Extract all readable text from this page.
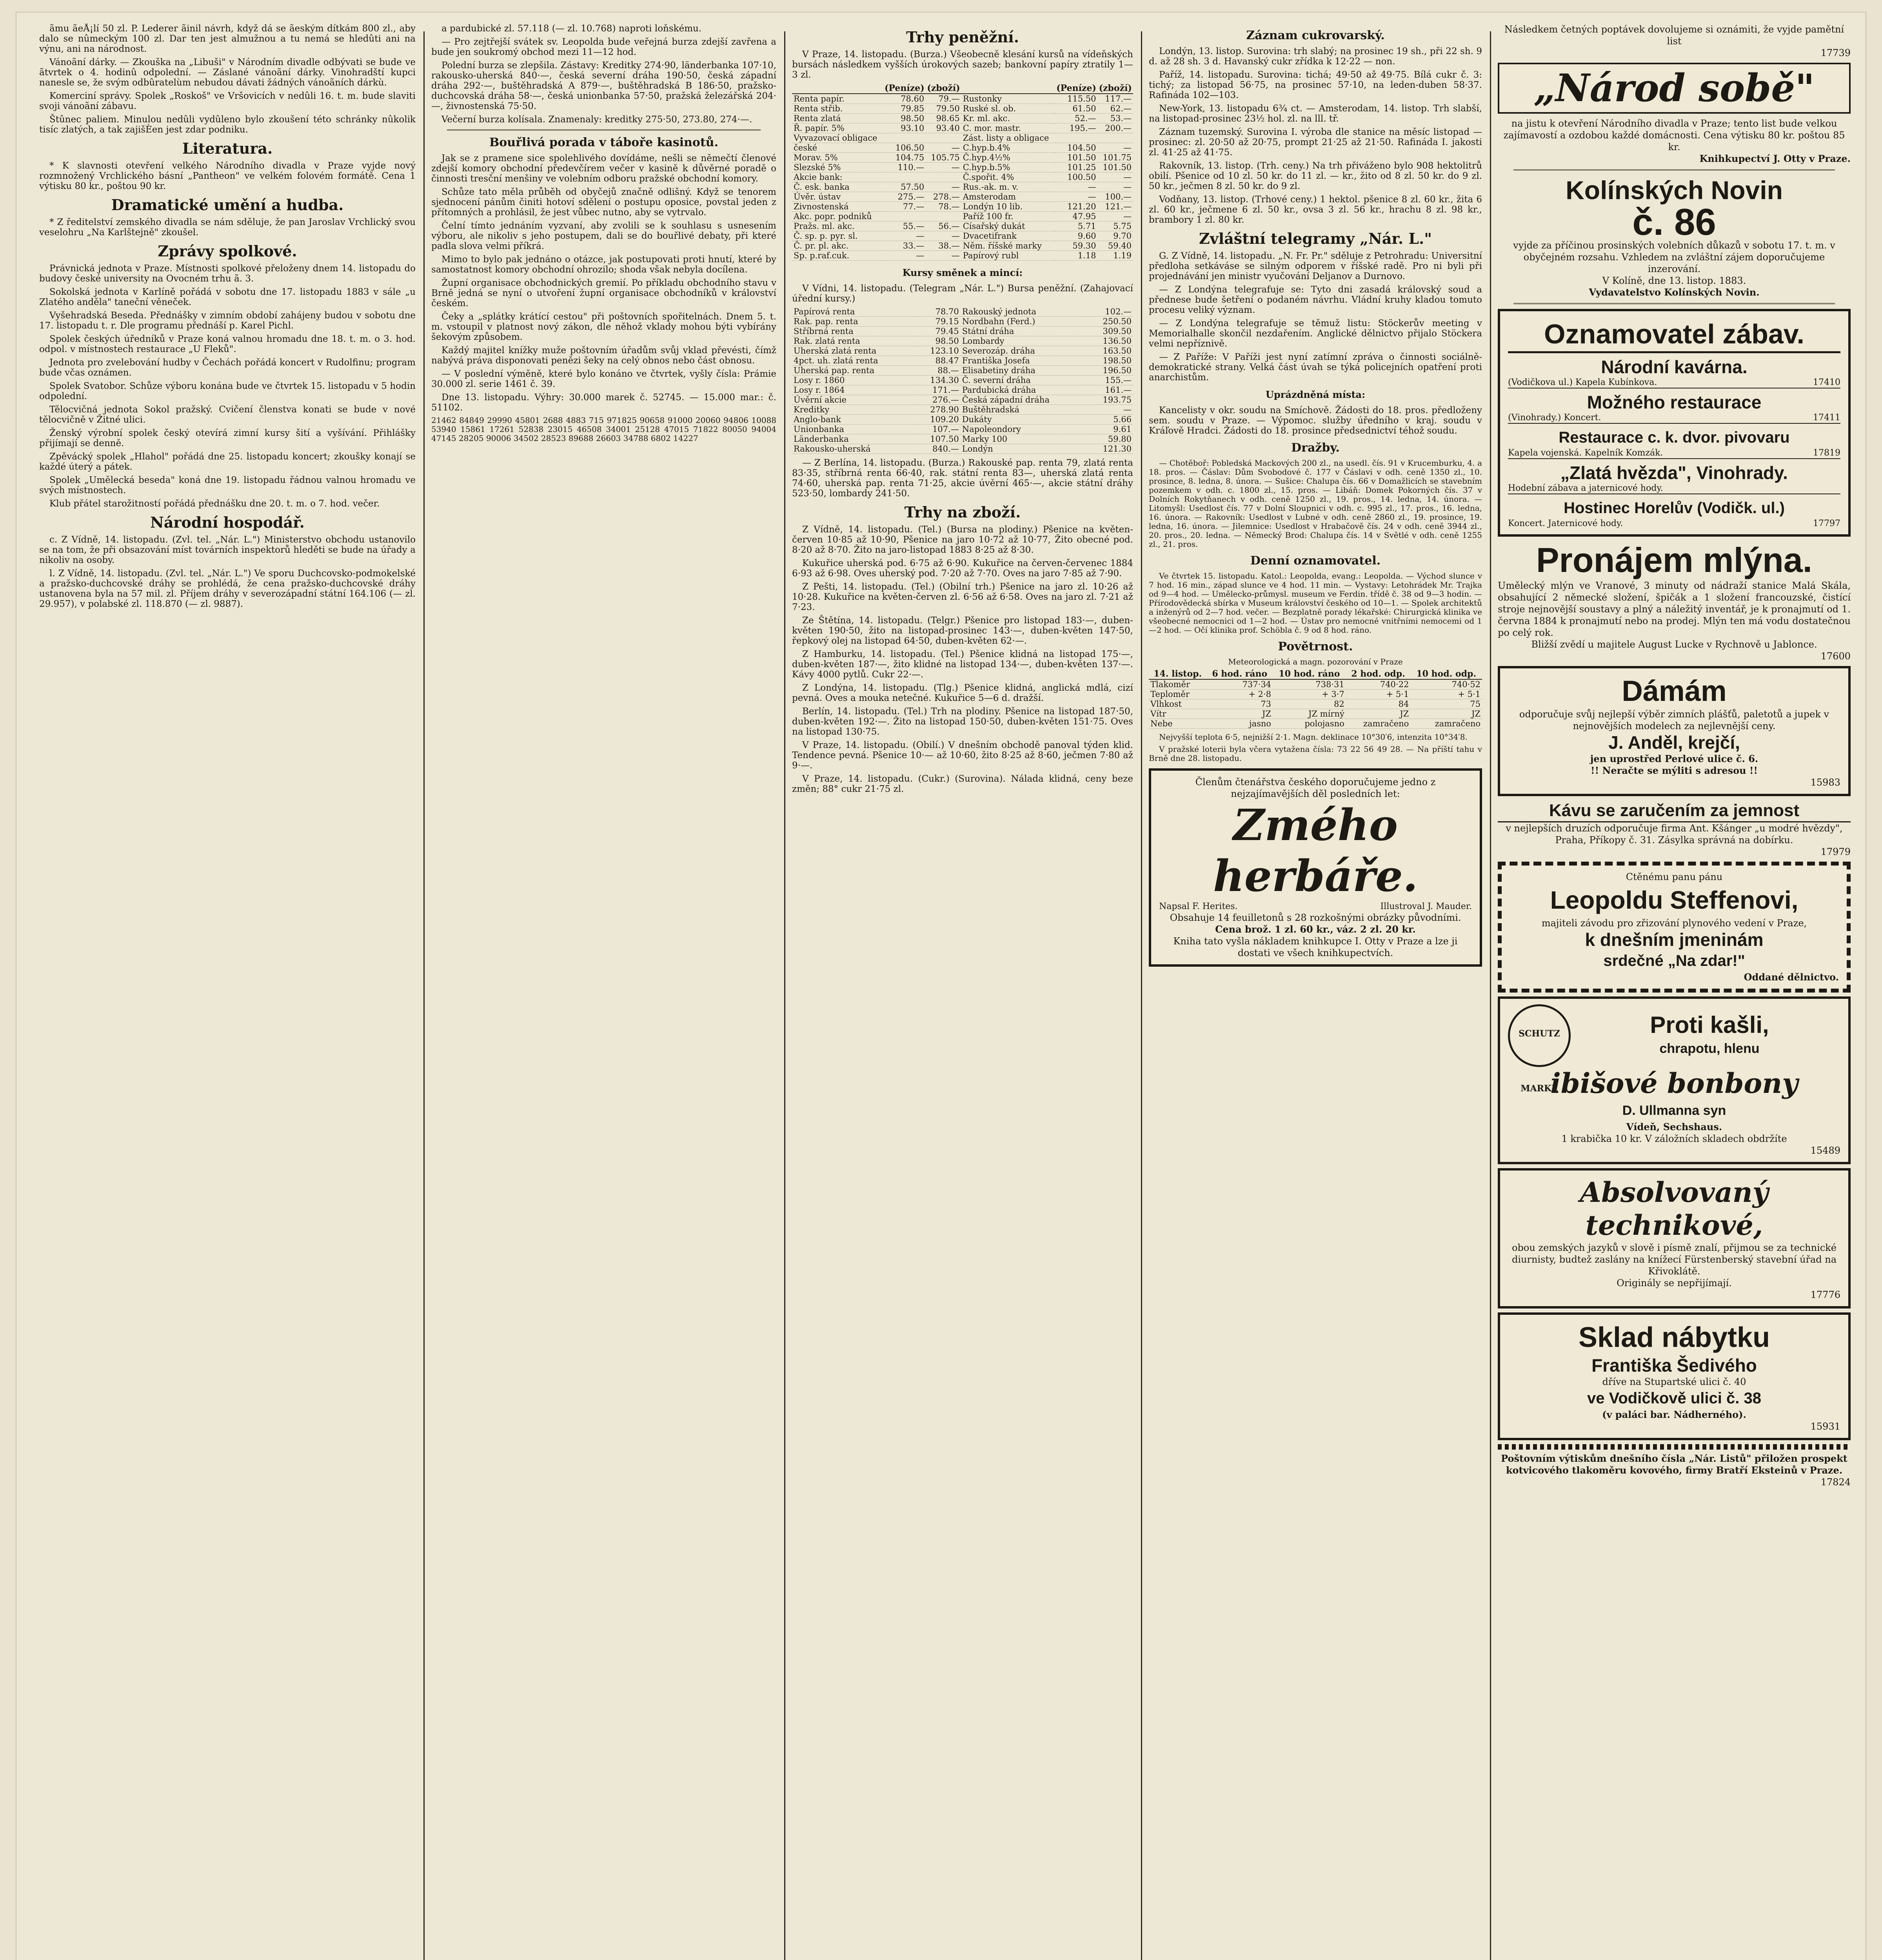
ãmu ãeÅ¡lí 50 zl. P. Lederer ãinil návrh, když dá se ãeským dítkám 800 zl., aby dalo se nûmeckým 100 zl. Dar ten jest almužnou a tu nemá se hledûti ani na výnu, ani na národnost.

Vánoãní dárky. — Zkouška na „Libuši" v Národním divadle odbývati se bude ve ãtvrtek o 4. hodinû odpolední. — Záslané vánoãní dárky. Vinohradští kupci nanesle se, že svým odbûratelùm nebudou dávati žádných vánoãních dárkù.

Komerciní správy. Spolek „Roskoš" ve Vršovicích v nedûli 16. t. m. bude slaviti svoji vánoãní zábavu.

Štûnec paliem. Minulou nedûli vydûleno bylo zkoušení této schránky nûkolik tisíc zlatých, a tak zajišÈen jest zdar podniku.

Literatura.

* K slavnosti otevření velkého Národního divadla v Praze vyjde nový rozmnožený Vrchlického básní „Pantheon" ve velkém folovém formátě. Cena 1 výtisku 80 kr., poštou 90 kr.

Dramatické umění a hudba.

* Z ředitelství zemského divadla se nám sděluje, že pan Jaroslav Vrchlický svou veselohru „Na Karlštejně" zkoušel.

Zprávy spolkové.

Právnická jednota v Praze. Místnosti spolkové přeloženy dnem 14. listopadu do budovy české university na Ovocném trhu ã. 3.

Sokolská jednota v Karlíně pořádá v sobotu dne 17. listopadu 1883 v sále „u Zlatého anděla" taneční věneček.

Vyšehradská Beseda. Přednášky v zimním období zahájeny budou v sobotu dne 17. listopadu t. r. Dle programu přednáší p. Karel Pichl.

Spolek českých úředníků v Praze koná valnou hromadu dne 18. t. m. o 3. hod. odpol. v místnostech restaurace „U Fleků".

Jednota pro zvelebování hudby v Čechách pořádá koncert v Rudolfinu; program bude včas oznámen.

Spolek Svatobor. Schůze výboru konána bude ve čtvrtek 15. listopadu v 5 hodin odpolední.

Tělocvičná jednota Sokol pražský. Cvičení členstva konati se bude v nové tělocvičně v Žitné ulici.

Ženský výrobní spolek český otevírá zimní kursy šití a vyšívání. Přihlášky přijímají se denně.

Zpěvácký spolek „Hlahol" pořádá dne 25. listopadu koncert; zkoušky konají se každé úterý a pátek.

Spolek „Umělecká beseda" koná dne 19. listopadu řádnou valnou hromadu ve svých místnostech.

Klub přátel starožitností pořádá přednášku dne 20. t. m. o 7. hod. večer.

Národní hospodář.

c. Z Vídně, 14. listopadu. (Zvl. tel. „Nár. L.") Ministerstvo obchodu ustanovilo se na tom, že při obsazování míst továrních inspektorů hleděti se bude na úřady a nikoliv na osoby.

l. Z Vídně, 14. listopadu. (Zvl. tel. „Nár. L.") Ve sporu Duchcovsko-podmokelské a pražsko-duchcovské dráhy se prohlédá, že cena pražsko-duchcovské dráhy ustanovena byla na 57 mil. zl. Příjem dráhy v severozápadní státní 164.106 (— zl. 29.957), v polabské zl. 118.870 (— zl. 9887).

a pardubické zl. 57.118 (— zl. 10.768) naproti loňskému.

— Pro zejtřejší svátek sv. Leopolda bude veřejná burza zdejší zavřena a bude jen soukromý obchod mezi 11—12 hod.

Polední burza se zlepšila. Zástavy: Kreditky 274·90, länderbanka 107·10, rakousko-uherská 840·—, česká severní dráha 190·50, česká západní dráha 292·—, buštěhradská A 879·—, buštěhradská B 186·50, pražsko-duchcovská dráha 58·—, česká unionbanka 57·50, pražská železářská 204·—, živnostenská 75·50.

Večerní burza kolísala. Znamenaly: kreditky 275·50, 273.80, 274·—.

Bouřlivá porada v táboře kasinotů.

Jak se z pramene sice spolehlivého dovídáme, nešli se němečtí členové zdejší komory obchodní předevčírem večer v kasině k důvěrné poradě o činnosti tresční menšiny ve volebním odboru pražské obchodní komory.

Schůze tato měla průběh od obyčejů značně odlišný. Když se tenorem sjednocení pánům činiti hotoví sdělení o postupu oposice, povstal jeden z přítomných a prohlásil, že jest vůbec nutno, aby se vytrvalo.

Čelní tímto jednáním vyzvaní, aby zvolili se k souhlasu s usnesením výboru, ale nikoliv s jeho postupem, dali se do bouřlivé debaty, při které padla slova velmi příkrá.

Mimo to bylo pak jednáno o otázce, jak postupovati proti hnutí, které by samostatnost komory obchodní ohrozilo; shoda však nebyla docílena.

Župní organisace obchodnických gremií. Po příkladu obchodního stavu v Brně jedná se nyní o utvoření župní organisace obchodníků v království českém.

Čeky a „splátky krátící cestou" při poštovních spořitelnách. Dnem 5. t. m. vstoupil v platnost nový zákon, dle něhož vklady mohou býti vybírány šekovým způsobem.

Každý majitel knížky muže poštovním úřadům svůj vklad převésti, čímž nabývá práva disponovati penězi šeky na celý obnos nebo část obnosu.

— V poslední výměně, které bylo konáno ve čtvrtek, vyšly čísla: Prámie 30.000 zl. serie 1461 č. 39.

Dne 13. listopadu. Výhry: 30.000 marek č. 52745. — 15.000 mar.: č. 51102.

21462 84849 29990 45801 2688 4883 715 971825 90658 91000 20060 94806 10088 53940 15861 17261 52838 23015 46508 34001 25128 47015 71822 80050 94004 47145 28205 90006 34502 28523 89688 26603 34788 6802 14227

Trhy peněžní.

V Praze, 14. listopadu. (Burza.) Všeobecně klesání kursů na vídeňských bursách následkem vyšších úrokových sazeb; bankovní papíry ztratily 1—3 zl.

	(Peníze)	(zboží)		(Peníze)	(zboží)
Renta papír.	78.60	79.—	Rustonky	115.50	117.—
Renta střib.	79.85	79.50	Ruské sl. ob.	61.50	62.—
Renta zlatá	98.50	98.65	Kr. ml. akc.	52.—	53.—
Ř. papír. 5%	93.10	93.40	C. mor. mastr.	195.—	200.—
Vyvazovací obligace			Zást. listy a obligace		
české	106.50	—	C.hyp.b.4%	104.50	—
Morav. 5%	104.75	105.75	Č.hyp.4½%	101.50	101.75
Slezské 5%	110.—	—	C.hyp.b.5%	101.25	101.50
Akcie bank:			Č.spořit. 4%	100.50	—
Č. esk. banka	57.50	—	Rus.-ak. m. v.	—	—
Úvěr. ústav	275.—	278.—	Amsterodam	—	100.—
Zivnostenská	77.—	78.—	Londýn 10 lib.	121.20	121.—
Akc. popr. podniků			Paříž 100 fr.	47.95	—
Pražs. ml. akc.	55.—	56.—	Císařský dukát	5.71	5.75
Č. sp. p. pyr. sl.	—	—	Dvacetifrank	9.60	9.70
Č. pr. pl. akc.	33.—	38.—	Něm. říšské marky	59.30	59.40
Sp. p.raf.cuk.	—	—	Papírový rubl	1.18	1.19
Kursy směnek a mincí:

V Vídni, 14. listopadu. (Telegram „Nár. L.") Bursa peněžní. (Zahajovací úřední kursy.)

Papírová renta	78.70	Rakouský jednota	102.—
Rak. pap. renta	79.15	Nordbahn (Ferd.)	250.50
Stříbrná renta	79.45	Státní dráha	309.50
Rak. zlatá renta	98.50	Lombardy	136.50
Uherská zlatá renta	123.10	Severozáp. dráha	163.50
4pct. uh. zlatá renta	88.47	Františka Josefa	198.50
Uherská pap. renta	88.—	Elisabetiny dráha	196.50
Losy r. 1860	134.30	Č. severní dráha	155.—
Losy r. 1864	171.—	Pardubická dráha	161.—
Úvěrní akcie	276.—	Česká západní dráha	193.75
Kreditky	278.90	Buštěhradská	—
Anglo-bank	109.20	Dukáty	5.66
Unionbanka	107.—	Napoleondory	9.61
Länderbanka	107.50	Marky 100	59.80
Rakousko-uherská	840.—	Londýn	121.30

— Z Berlína, 14. listopadu. (Burza.) Rakouské pap. renta 79, zlatá renta 83·35, stříbrná renta 66·40, rak. státní renta 83—, uherská zlatá renta 74·60, uherská pap. renta 71·25, akcie úvěrní 465·—, akcie státní dráhy 523·50, lombardy 241·50.

Trhy na zboží.

Z Vídně, 14. listopadu. (Tel.) (Bursa na plodiny.) Pšenice na květen-červen 10·85 až 10·90, Pšenice na jaro 10·72 až 10·77, Žito obecné pod. 8·20 až 8·70. Žito na jaro-listopad 1883 8·25 až 8·30.

Kukuřice uherská pod. 6·75 až 6·90. Kukuřice na červen-červenec 1884 6·93 až 6·98. Oves uherský pod. 7·20 až 7·70. Oves na jaro 7·85 až 7·90.

Z Pešti, 14. listopadu. (Tel.) (Obilní trh.) Pšenice na jaro zl. 10·26 až 10·28. Kukuřice na květen-červen zl. 6·56 až 6·58. Oves na jaro zl. 7·21 až 7·23.

Ze Štětína, 14. listopadu. (Telgr.) Pšenice pro listopad 183·—, duben-květen 190·50, žito na listopad-prosinec 143·—, duben-květen 147·50, řepkový olej na listopad 64·50, duben-květen 62·—.

Z Hamburku, 14. listopadu. (Tel.) Pšenice klidná na listopad 175·—, duben-květen 187·—, žito klidné na listopad 134·—, duben-květen 137·—. Kávy 4000 pytlů. Cukr 22·—.

Z Londýna, 14. listopadu. (Tlg.) Pšenice klidná, anglická mdlá, cizí pevná. Oves a mouka netečné. Kukuřice 5—6 d. dražší.

Berlín, 14. listopadu. (Tel.) Trh na plodiny. Pšenice na listopad 187·50, duben-květen 192·—. Žito na listopad 150·50, duben-květen 151·75. Oves na listopad 130·75.

V Praze, 14. listopadu. (Obilí.) V dnešním obchodě panoval týden klid. Tendence pevná. Pšenice 10·— až 10·60, žito 8·25 až 8·60, ječmen 7·80 až 9·—.

V Praze, 14. listopadu. (Cukr.) (Surovina). Nálada klidná, ceny beze změn; 88° cukr 21·75 zl.

Záznam cukrovarský.

Londýn, 13. listop. Surovina: trh slabý; na prosinec 19 sh., při 22 sh. 9 d. až 28 sh. 3 d. Havanský cukr zřídka k 12·22 — non.

Paříž, 14. listopadu. Surovina: tichá; 49·50 až 49·75. Bílá cukr č. 3: tichý; za listopad 56·75, na prosinec 57·10, na leden-duben 58·37. Rafináda 102—103.

New-York, 13. listopadu 6¾ ct. — Amsterodam, 14. listop. Trh slabší, na listopad-prosinec 23½ hol. zl. na lll. tř.

Záznam tuzemský. Surovina I. výroba dle stanice na měsíc listopad — prosinec: zl. 20·50 až 20·75, prompt 21·25 až 21·50. Rafináda I. jakosti zl. 41·25 až 41·75.

Rakovník, 13. listop. (Trh. ceny.) Na trh přiváženo bylo 908 hektolitrů obilí. Pšenice od 10 zl. 50 kr. do 11 zl. — kr., žito od 8 zl. 50 kr. do 9 zl. 50 kr., ječmen 8 zl. 50 kr. do 9 zl.

Vodňany, 13. listop. (Trhové ceny.) 1 hektol. pšenice 8 zl. 60 kr., žita 6 zl. 60 kr., ječmene 6 zl. 50 kr., ovsa 3 zl. 56 kr., hrachu 8 zl. 98 kr., brambory 1 zl. 80 kr.

Zvláštní telegramy „Nár. L."

G. Z Vídně, 14. listopadu. „N. Fr. Pr." sděluje z Petrohradu: Universitní předloha setkáváse se silným odporem v říšské radě. Pro ni byli při projednávání jen ministr vyučování Deljanov a Durnovo.

— Z Londýna telegrafuje se: Tyto dni zasadá královský soud a přednese bude šetření o podaném návrhu. Vládní kruhy kladou tomuto procesu veliký význam.

— Z Londýna telegrafuje se těmuž listu: Stöckerův meeting v Memorialhalle skončil nezdařením. Anglické dělnictvo přijalo Stöckera velmi nepříznivě.

— Z Paříže: V Paříži jest nyní zatímní zpráva o činnosti sociálně-demokratické strany. Velká část úvah se týká policejních opatření proti anarchistům.

Uprázdněná místa:

Kancelisty v okr. soudu na Smíchově. Žádosti do 18. pros. předloženy sem. soudu v Praze. — Výpomoc. služby úředního v kraj. soudu v Kráľově Hradci. Žádosti do 18. prosince předsednictví téhož soudu.

Dražby.

— Chotěboř: Pobledská Mackových 200 zl., na usedl. čís. 91 v Krucemburku, 4. a 18. pros. — Čáslav: Dům Svobodové č. 177 v Čáslavi v odh. ceně 1350 zl., 10. prosince, 8. ledna, 8. února. — Sušice: Chalupa čís. 66 v Domažlicích se stavebním pozemkem v odh. c. 1800 zl., 15. pros. — Libáň: Domek Pokorných čís. 37 v Dolních Rokytňanech v odh. ceně 1250 zl., 19. pros., 14. ledna, 14. února. — Litomyšl: Usedlost čís. 77 v Dolní Sloupnici v odh. c. 995 zl., 17. pros., 16. ledna, 16. února. — Rakovník: Usedlost v Lubné v odh. ceně 2860 zl., 19. prosince, 19. ledna, 16. února. — Jilemnice: Usedlost v Hrabačově čís. 24 v odh. ceně 3944 zl., 20. pros., 20. ledna. — Německý Brod: Chalupa čís. 14 v Světlé v odh. ceně 1255 zl., 21. pros.

Denní oznamovatel.

Ve čtvrtek 15. listopadu. Katol.: Leopolda, evang.: Leopolda. — Východ slunce v 7 hod. 16 min., západ slunce ve 4 hod. 11 min. — Vystavy: Letohrádek Mr. Trajka od 9—4 hod. — Umělecko-průmysl. museum ve Ferdin. třídě č. 38 od 9—3 hodin. — Přírodovědecká sbírka v Museum království českého od 10—1. — Spolek architektů a inženýrů od 2—7 hod. večer. — Bezplatně porady lékařské: Chirurgická klinika ve všeobecné nemocnici od 1—2 hod. — Ústav pro nemocné vnitřními nemocemi od 1—2 hod. — Očí klinika prof. Schöbla č. 9 od 8 hod. ráno.

Povětrnost.
Meteorologická a magn. pozorování v Praze
14. listop.	6 hod. ráno	10 hod. ráno	2 hod. odp.	10 hod. odp.
Tlakoměr	737·34	738·31	740·22	740·52
Teploměr	+ 2·8	+ 3·7	+ 5·1	+ 5·1
Vlhkost	73	82	84	75
Vítr	JZ	JZ mírný	JZ	JZ
Nebe	jasno	polojasno	zamračeno	zamračeno

Nejvyšší teplota 6·5, nejnižší 2·1. Magn. deklinace 10°30′6, intenzita 10°34′8.

V pražské loterii byla včera vytažena čísla: 73 22 56 49 28. — Na příští tahu v Brně dne 28. listopadu.

Členům čtenářstva českého doporučujeme jedno z nejzajímavějších děl posledních let:
Zmého herbáře.
Napsal F. Herites.	Illustroval J. Mauder.
Obsahuje 14 feuilletonů s 28 rozkošnými obrázky původními.
Cena brož. 1 zl. 60 kr., váz. 2 zl. 20 kr.
Kniha tato vyšla nákladem knihkupce I. Otty v Praze a lze ji dostati ve všech knihkupectvích.
Následkem četných poptávek dovolujeme si oznámiti, že vyjde pamětní list
17739
„Národ sobě"
na jistu k otevření Národního divadla v Praze; tento list bude velkou zajímavostí a ozdobou každé domácnosti. Cena výtisku 80 kr. poštou 85 kr.
Knihkupectví J. Otty v Praze.
Kolínských Novin
č. 86
vyjde za příčinou prosinských volebních důkazů v sobotu 17. t. m. v obyčejném rozsahu. Vzhledem na zvláštní zájem doporučujeme inzerování.
V Kolíně, dne 13. listop. 1883.
Vydavatelstvo Kolínských Novin.
Oznamovatel zábav.
Národní kavárna.
(Vodičkova ul.) Kapela Kubínkova.	17410
Možného restaurace
(Vinohrady.) Koncert.	17411
Restaurace c. k. dvor. pivovaru
Kapela vojenská. Kapelník Komzák.	17819
„Zlatá hvězda", Vinohrady.
Hodební zábava a jaternicové hody.
Hostinec Horelův (Vodičk. ul.)
Koncert. Jaternicové hody.	17797
Pronájem mlýna.
Umělecký mlýn ve Vranové, 3 minuty od nádraží stanice Malá Skála, obsahující 2 německé složení, špičák a 1 složení francouzské, čistící stroje nejnovější soustavy a plný a náležitý inventář, je k pronajmutí od 1. června 1884 k pronajmutí nebo na prodej. Mlýn ten má vodu dostatečnou po celý rok.
Bližší zvědí u majitele August Lucke v Rychnově u Jablonce.
17600
Dámám
odporučuje svůj nejlepší výběr zimních plášťů, paletotů a jupek v nejnovějších modelech za nejlevnější ceny.
J. Anděl, krejčí,
jen uprostřed Perlové ulice č. 6.
!! Neračte se mýliti s adresou !!
15983
Kávu se zaručením za jemnost
v nejlepších druzích odporučuje firma Ant. Kšánger „u modré hvězdy", Praha, Příkopy č. 31. Zásylka správná na dobírku.
17979
Ctěnému panu pánu
Leopoldu Steffenovi,
majiteli závodu pro zřizování plynového vedení v Praze,
k dnešním jmeninám
srdečné „Na zdar!"
Oddané dělnictvo.
SCHUTZ MARKE
Proti kašli,
chrapotu, hlenu
ibišové bonbony
D. Ullmanna syn
Vídeň, Sechshaus.
1 krabička 10 kr. V záložních skladech obdržíte
15489
Absolvovaný technikové,
obou zemských jazyků v slově i písmě znalí, přijmou se za technické diurnisty, budtež zaslány na knížecí Fürstenberský stavební úřad na Křivoklátě.
Originály se nepřijímají.
17776
Sklad nábytku
Františka Šedivého
dříve na Stupartské ulici č. 40
ve Vodičkově ulici č. 38
(v paláci bar. Nádherného).
15931
Poštovním výtiskům dnešního čísla „Nár. Listů" přiložen prospekt kotvicového tlakoměru kovového, firmy Bratří Eksteinů v Praze.
17824
